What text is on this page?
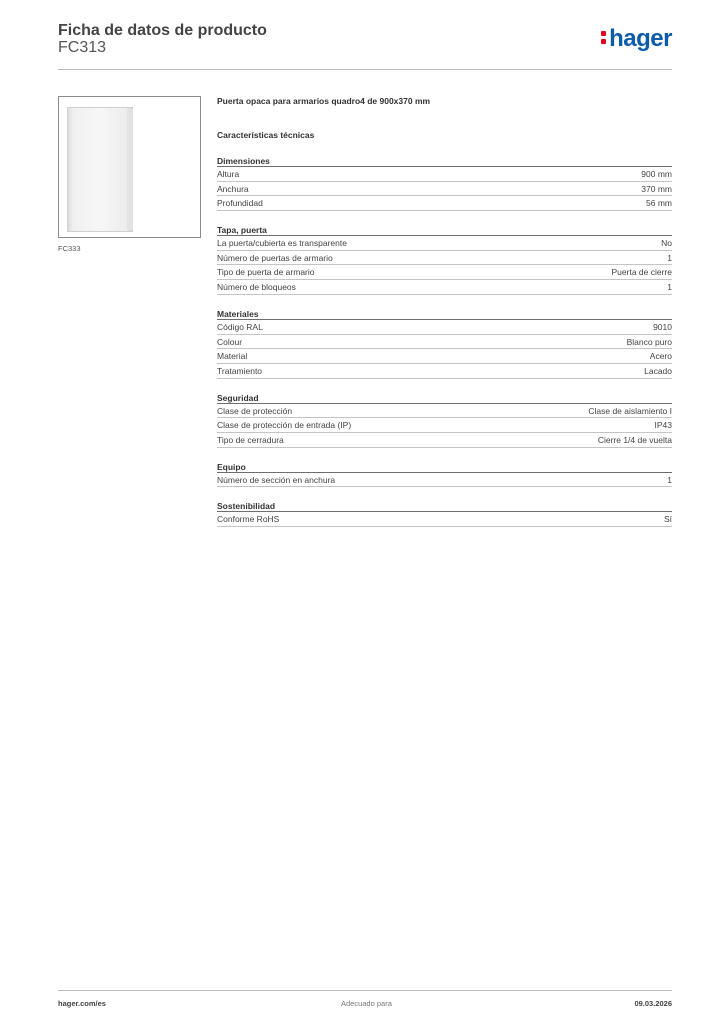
Ficha de datos de producto
FC313	hager
FC333
Puerta opaca para armarios quadro4 de 900x370 mm
Características técnicas
Dimensiones
Altura	900 mm
Anchura	370 mm
Profundidad	56 mm
Tapa, puerta
La puerta/cubierta es transparente	No
Número de puertas de armario	1
Tipo de puerta de armario	Puerta de cierre
Número de bloqueos	1
Materiales
Código RAL	9010
Colour	Blanco puro
Material	Acero
Tratamiento	Lacado
Seguridad
Clase de protección	Clase de aislamiento I
Clase de protección de entrada (IP)	IP43
Tipo de cerradura	Cierre 1/4 de vuelta
Equipo
Número de sección en anchura	1
Sostenibilidad
Conforme RoHS	Sí
hager.com/es	Adecuado para	09.03.2026
